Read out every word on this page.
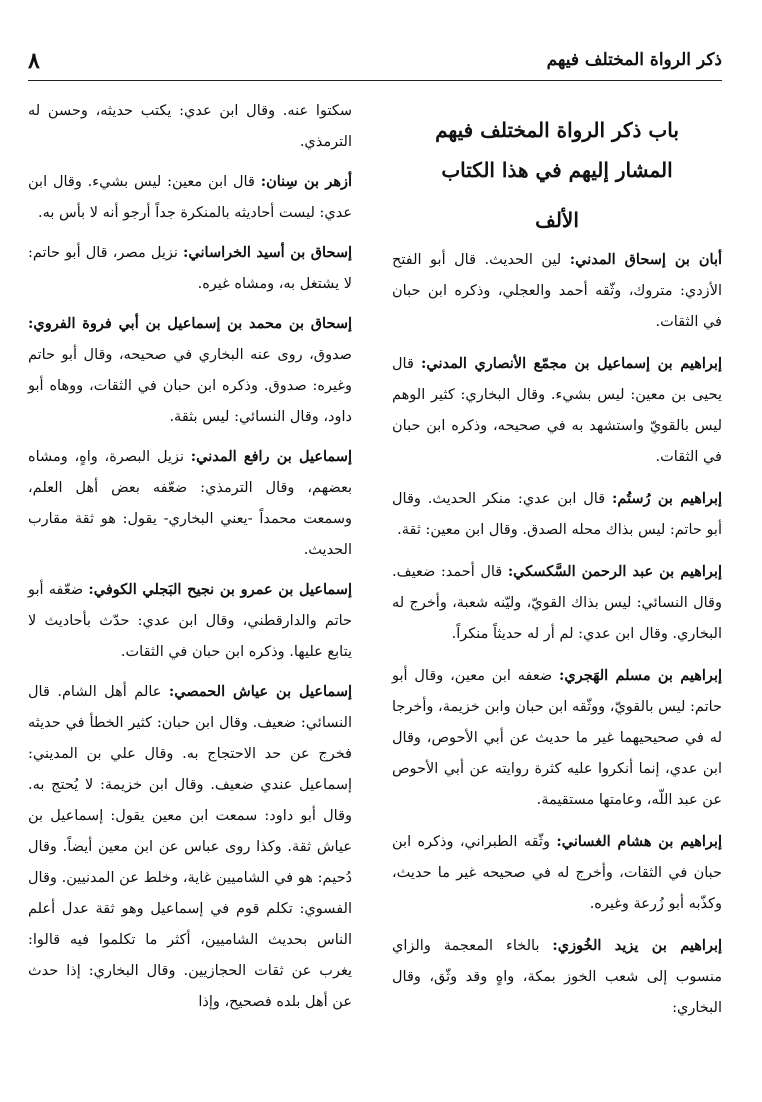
ذكر الرواة المختلف فيهم
٨
باب ذكر الرواة المختلف فيهم
المشار إليهم في هذا الكتاب
الألف
أبان بن إسحاق المدني: لين الحديث. قال أبو الفتح الأزدي: متروك، وثّقه أحمد والعجلي، وذكره ابن حبان في الثقات.
إبراهيم بن إسماعيل بن مجمّع الأنصاري المدني: قال يحيى بن معين: ليس بشيء. وقال البخاري: كثير الوهم ليس بالقويّ واستشهد به في صحيحه، وذكره ابن حبان في الثقات.
إبراهيم بن رُستُم: قال ابن عدي: منكر الحديث. وقال أبو حاتم: ليس بذاك محله الصدق. وقال ابن معين: ثقة.
إبراهيم بن عبد الرحمن السَّكسكي: قال أحمد: ضعيف. وقال النسائي: ليس بذاك القويّ، وليّنه شعبة، وأخرج له البخاري. وقال ابن عدي: لم أر له حديثاً منكراً.
إبراهيم بن مسلم الهَجري: ضعفه ابن معين، وقال أبو حاتم: ليس بالقويّ، ووثّقه ابن حبان وابن خزيمة، وأخرجا له في صحيحيهما غير ما حديث عن أبي الأحوص، وقال ابن عدي، إنما أنكروا عليه كثرة روايته عن أبي الأحوص عن عبد اللّه، وعامتها مستقيمة.
إبراهيم بن هشام الغساني: وثّقه الطبراني، وذكره ابن حبان في الثقات، وأخرج له في صحيحه غير ما حديث، وكذّبه أبو زُرعة وغيره.
إبراهيم بن يزيد الخُوزي: بالخاء المعجمة والزاي منسوب إلى شعب الخوز بمكة، واهٍ وقد وثّق، وقال البخاري:
سكتوا عنه. وقال ابن عدي: يكتب حديثه، وحسن له الترمذي.
أزهر بن سِنان: قال ابن معين: ليس بشيء. وقال ابن عدي: ليست أحاديثه بالمنكرة جداً أرجو أنه لا بأس به.
إسحاق بن أسيد الخراساني: نزيل مصر، قال أبو حاتم: لا يشتغل به، ومشاه غيره.
إسحاق بن محمد بن إسماعيل بن أبي فروة الفروي: صدوق، روى عنه البخاري في صحيحه، وقال أبو حاتم وغيره: صدوق. وذكره ابن حبان في الثقات، ووهاه أبو داود، وقال النسائي: ليس بثقة.
إسماعيل بن رافع المدني: نزيل البصرة، واهٍ، ومشاه بعضهم، وقال الترمذي: ضعّفه بعض أهل العلم، وسمعت محمداً -يعني البخاري- يقول: هو ثقة مقارب الحديث.
إسماعيل بن عمرو بن نجيح البَجلي الكوفي: ضعّفه أبو حاتم والدارقطني، وقال ابن عدي: حدّث بأحاديث لا يتابع عليها. وذكره ابن حبان في الثقات.
إسماعيل بن عياش الحمصي: عالم أهل الشام. قال النسائي: ضعيف. وقال ابن حبان: كثير الخطأ في حديثه فخرج عن حد الاحتجاج به. وقال علي بن المديني: إسماعيل عندي ضعيف. وقال ابن خزيمة: لا يُحتج به. وقال أبو داود: سمعت ابن معين يقول: إسماعيل بن عياش ثقة. وكذا روى عباس عن ابن معين أيضاً. وقال دُحيم: هو في الشاميين غاية، وخلط عن المدنيين. وقال الفسوي: تكلم قوم في إسماعيل وهو ثقة عدل أعلم الناس بحديث الشاميين، أكثر ما تكلموا فيه قالوا: يغرب عن ثقات الحجازيين. وقال البخاري: إذا حدث عن أهل بلده فصحيح، وإذا
